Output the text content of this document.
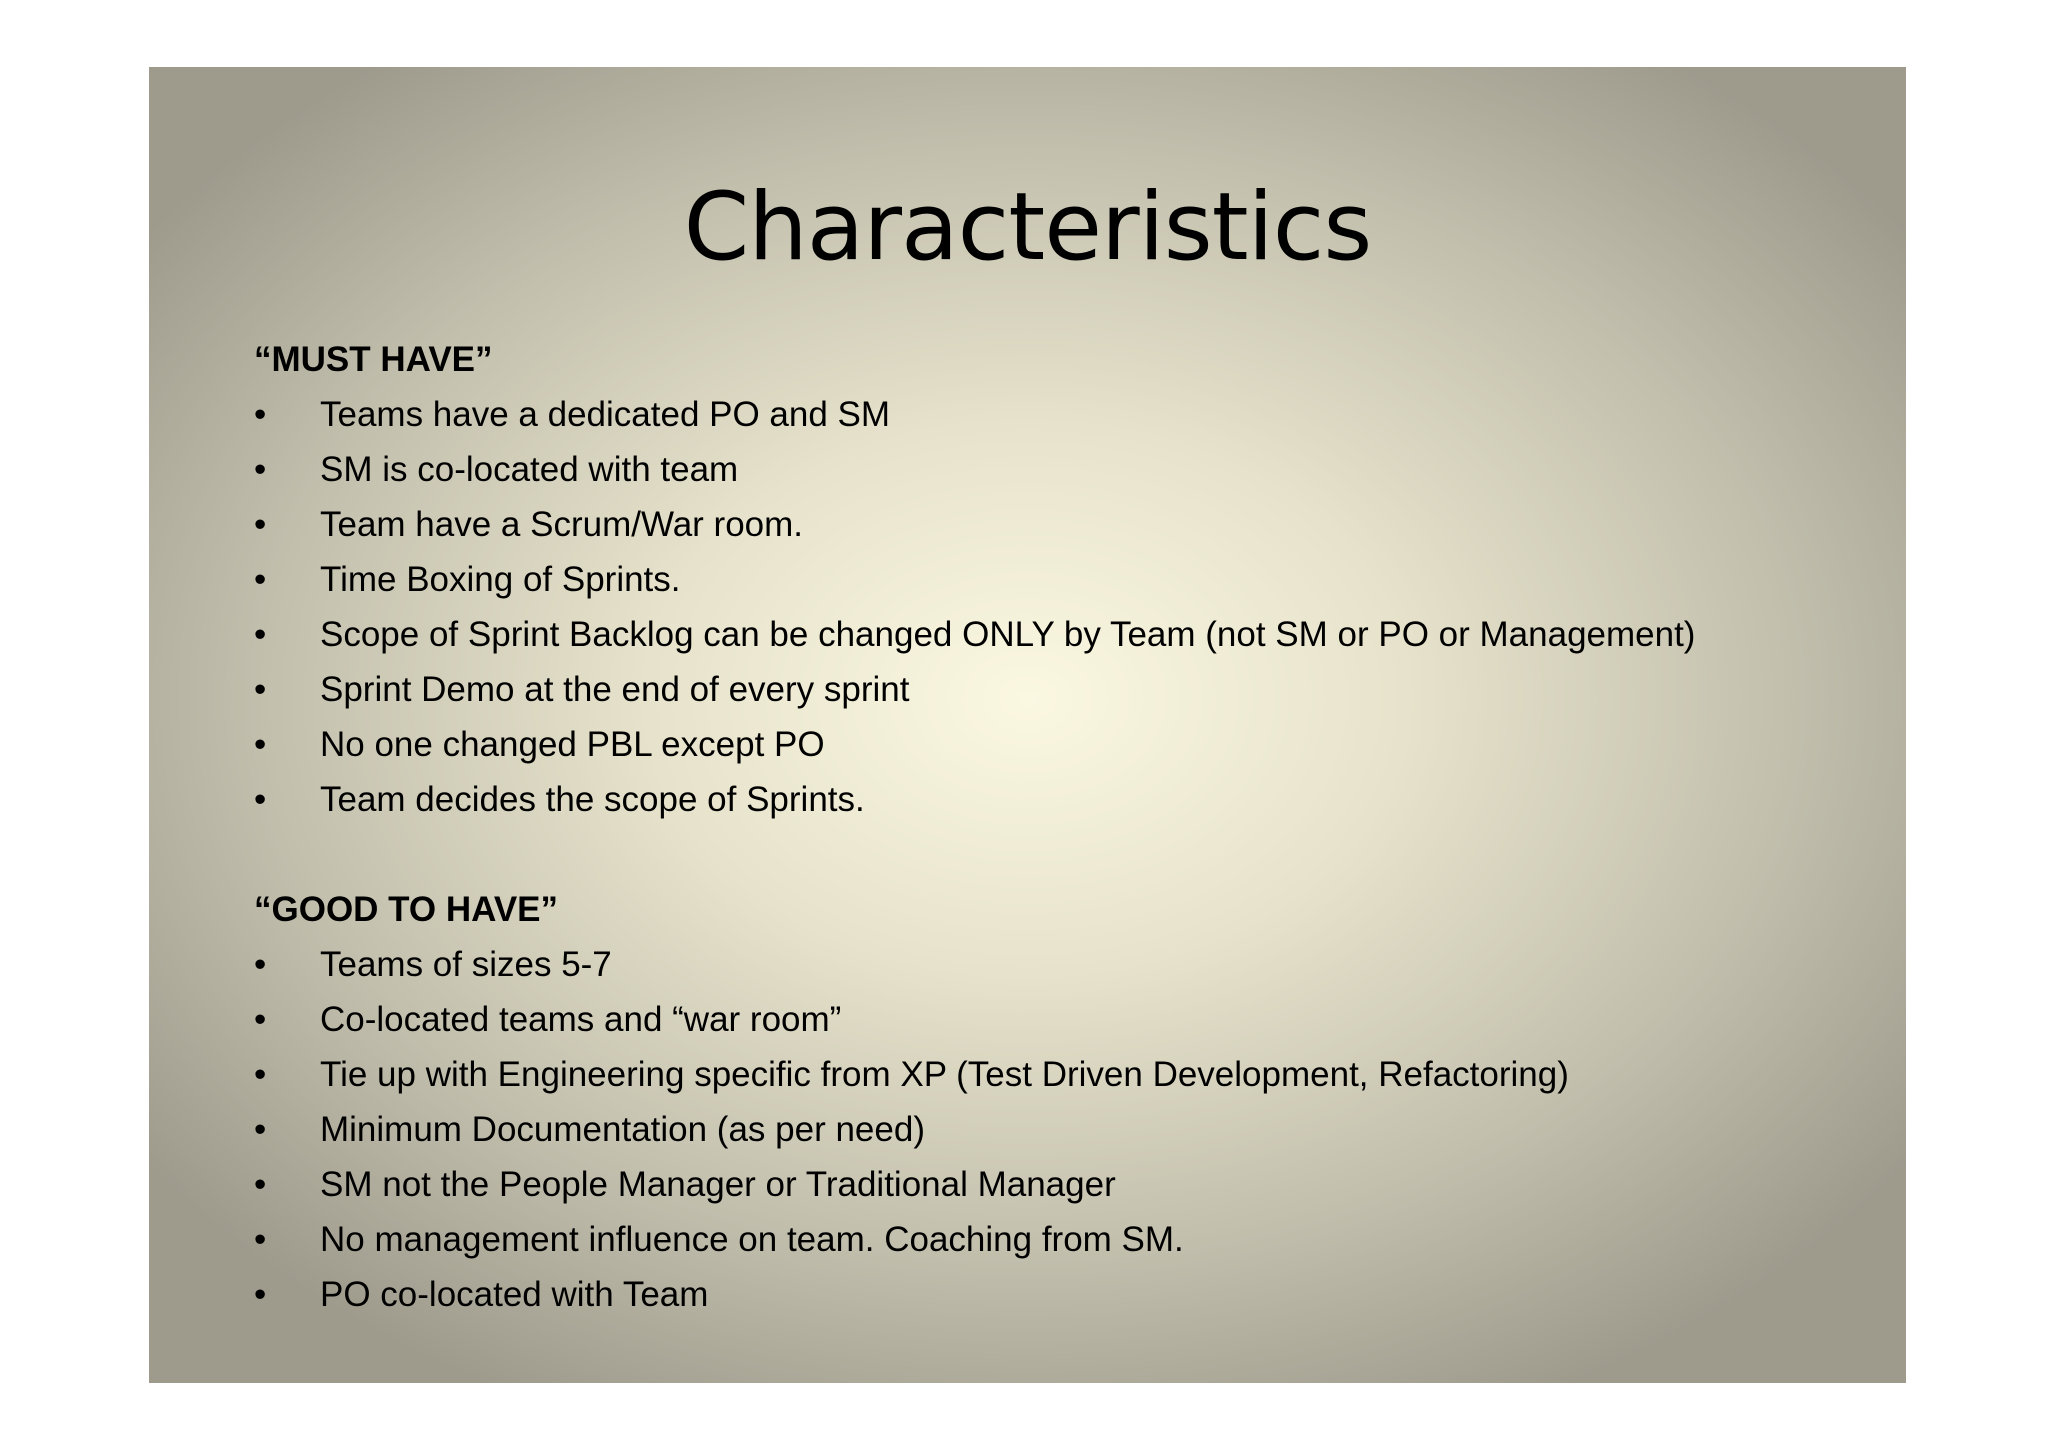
Characteristics
“MUST HAVE”
•	Teams have a dedicated PO and SM
•	SM is co-located with team
•	Team have a Scrum/War room.
•	Time Boxing of Sprints.
•	Scope of Sprint Backlog can be changed ONLY by Team (not SM or PO or Management)
•	Sprint Demo at the end of every sprint
•	No one changed PBL except PO
•	Team decides the scope of Sprints.
“GOOD TO HAVE”
•	Teams of sizes 5-7
•	Co-located teams and “war room”
•	Tie up with Engineering specific from XP (Test Driven Development, Refactoring)
•	Minimum Documentation (as per need)
•	SM not the People Manager or Traditional Manager
•	No management influence on team. Coaching from SM.
•	PO co-located with Team
